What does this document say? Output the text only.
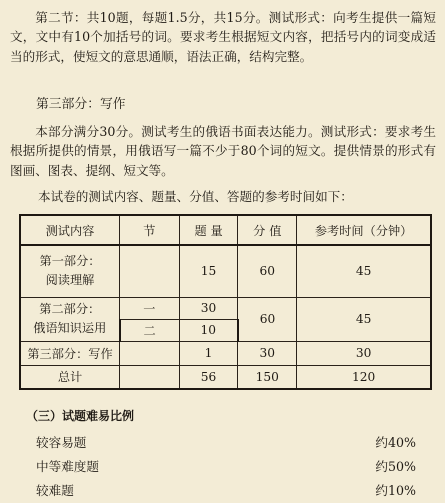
第二节：共10题，每题1.5分，共15分。测试形式：向考生提供一篇短文，文中有10个加括号的词。要求考生根据短文内容，把括号内的词变成适当的形式，使短文的意思通顺，语法正确，结构完整。

第三部分：写作

本部分满分30分。测试考生的俄语书面表达能力。测试形式：要求考生根据所提供的情景，用俄语写一篇不少于80个词的短文。提供情景的形式有图画、图表、提纲、短文等。

本试卷的测试内容、题量、分值、答题的参考时间如下：
测试内容	节	题 量	分 值	参考时间（分钟）

第一部分：
阅读理解		15	60	45

第二部分：
俄语知识运用	一	30	60	45
	二	10		
第三部分：写作		1	30	30
总计		56	150	120
（三）试题难易比例
较容易题	约40%
中等难度题	约50%
较难题	约10%
